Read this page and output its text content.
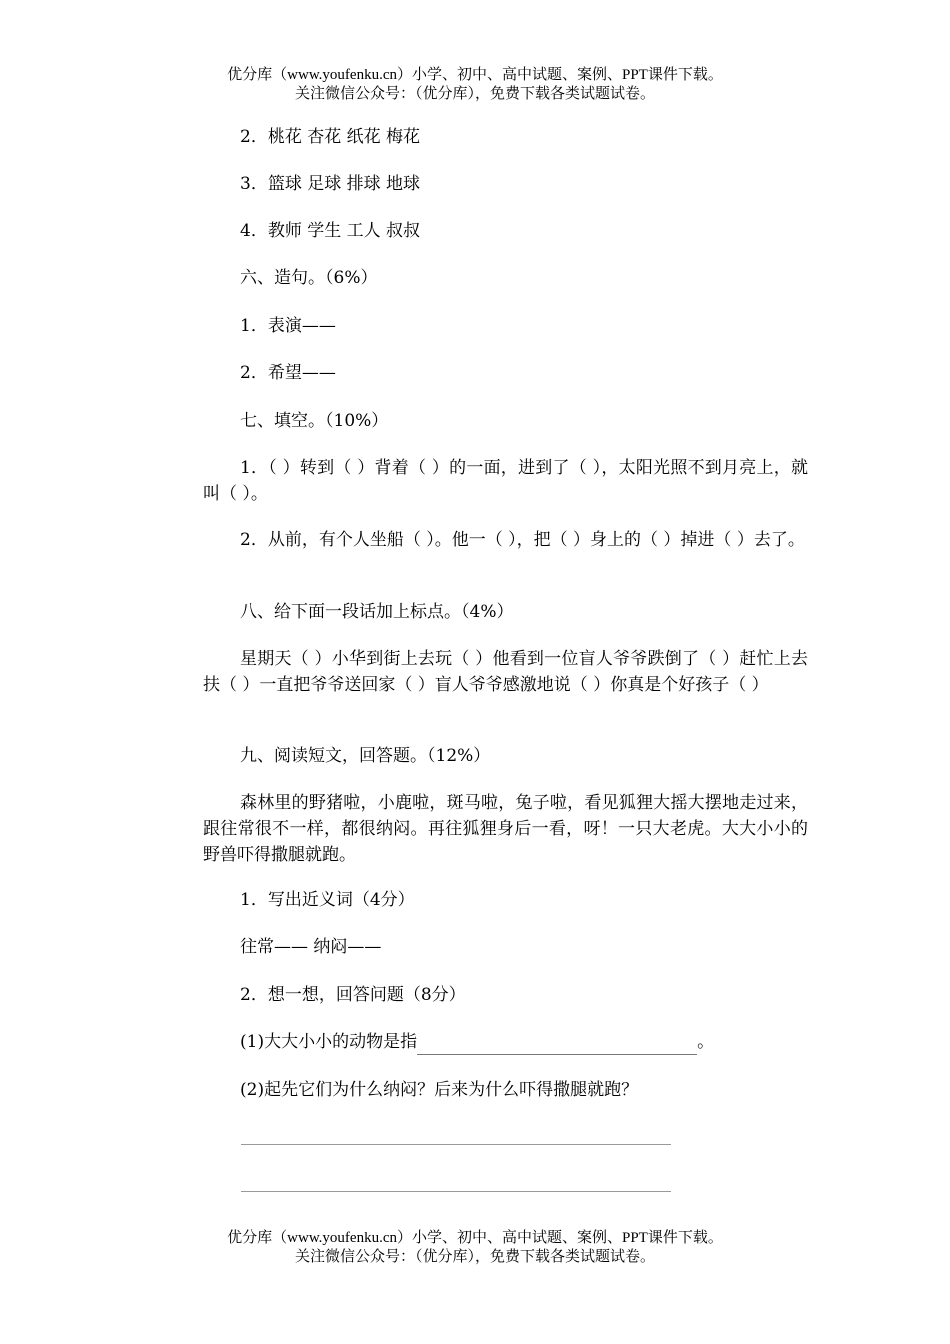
优分库（www.youfenku.cn）小学、初中、高中试题、案例、PPT课件下载。
关注微信公众号：（优分库），免费下载各类试题试卷。
2．桃花 杏花 纸花 梅花
3．篮球 足球 排球 地球
4．教师 学生 工人 叔叔
六、造句。（6%）
1．表演——
2．希望——
七、填空。（10%）
1．（ ）转到（ ）背着（ ）的一面，进到了（ ），太阳光照不到月亮上，就叫（ ）。
2．从前，有个人坐船（ ）。他一（ ），把（ ）身上的（ ）掉进（ ）去了。
八、给下面一段话加上标点。（4%）
星期天（ ）小华到街上去玩（ ）他看到一位盲人爷爷跌倒了（ ）赶忙上去扶（ ）一直把爷爷送回家（ ）盲人爷爷感激地说（ ）你真是个好孩子（ ）
九、阅读短文，回答题。（12%）
森林里的野猪啦，小鹿啦，斑马啦，兔子啦，看见狐狸大摇大摆地走过来，跟往常很不一样，都很纳闷。再往狐狸身后一看，呀！一只大老虎。大大小小的野兽吓得撒腿就跑。
1．写出近义词（4分）
往常—— 纳闷——
2．想一想，回答问题（8分）
(1)大大小小的动物是指	。
(2)起先它们为什么纳闷？后来为什么吓得撒腿就跑？
优分库（www.youfenku.cn）小学、初中、高中试题、案例、PPT课件下载。
关注微信公众号：（优分库），免费下载各类试题试卷。
